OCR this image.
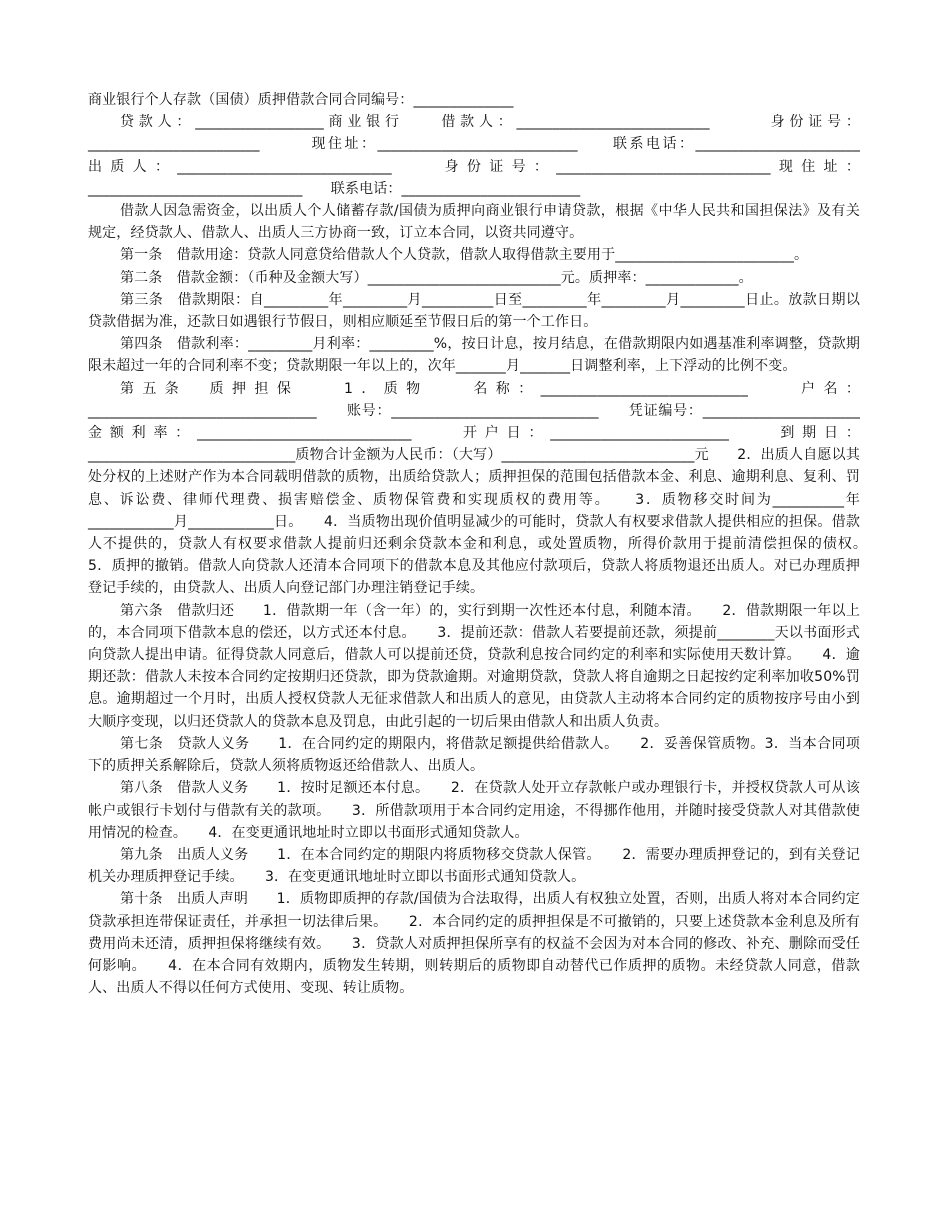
商业银行个人存款（国债）质押借款合同合同编号：______________

贷款人：__________________商业银行　　借款人：___________________________　　　身份证号：________________________　　　现住址：____________________________　　联系电话：_______________________　　出质人：______________________________　　身份证号：______________________________现住址：______________________________　　联系电话：_________________________

借款人因急需资金，以出质人个人储蓄存款/国债为质押向商业银行申请贷款，根据《中华人民共和国担保法》及有关规定，经贷款人、借款人、出质人三方协商一致，订立本合同，以资共同遵守。

第一条　借款用途：贷款人同意贷给借款人个人贷款，借款人取得借款主要用于_________________________。

第二条　借款金额：（币种及金额大写）___________________________元。质押率：_____________。

第三条　借款期限：自_________年_________月__________日至_________年_________月_________日止。放款日期以贷款借据为准，还款日如遇银行节假日，则相应顺延至节假日后的第一个工作日。

第四条　借款利率：_________月利率：_________%，按日计息，按月结息，在借款期限内如遇基准利率调整，贷款期限未超过一年的合同利率不变；贷款期限一年以上的，次年_______月_______日调整利率，上下浮动的比例不变。

第五条　质押担保　　1．质物　　名称：_____________________________　　户名：________________________________　　账号：_____________________________　　凭证编号：______________________　　金额利率：______________________________　　开户日：_________________________　　到期日：_____________________________质物合计金额为人民币：（大写）___________________________元　　2．出质人自愿以其处分权的上述财产作为本合同载明借款的质物，出质给贷款人；质押担保的范围包括借款本金、利息、逾期利息、复利、罚息、诉讼费、律师代理费、损害赔偿金、质物保管费和实现质权的费用等。　　3．质物移交时间为__________年____________月____________日。　　4．当质物出现价值明显减少的可能时，贷款人有权要求借款人提供相应的担保。借款人不提供的，贷款人有权要求借款人提前归还剩余贷款本金和利息，或处置质物，所得价款用于提前清偿担保的债权。　　5．质押的撤销。借款人向贷款人还清本合同项下的借款本息及其他应付款项后，贷款人将质物退还出质人。对已办理质押登记手续的，由贷款人、出质人向登记部门办理注销登记手续。

第六条　借款归还　　1．借款期一年（含一年）的，实行到期一次性还本付息，利随本清。　　2．借款期限一年以上的，本合同项下借款本息的偿还，以方式还本付息。　　3．提前还款：借款人若要提前还款，须提前________天以书面形式向贷款人提出申请。征得贷款人同意后，借款人可以提前还贷，贷款利息按合同约定的利率和实际使用天数计算。　　4．逾期还款：借款人未按本合同约定按期归还贷款，即为贷款逾期。对逾期贷款，贷款人将自逾期之日起按约定利率加收50%罚息。逾期超过一个月时，出质人授权贷款人无征求借款人和出质人的意见，由贷款人主动将本合同约定的质物按序号由小到大顺序变现，以归还贷款人的贷款本息及罚息，由此引起的一切后果由借款人和出质人负责。

第七条　贷款人义务　　1．在合同约定的期限内，将借款足额提供给借款人。　　2．妥善保管质物。3．当本合同项下的质押关系解除后，贷款人须将质物返还给借款人、出质人。

第八条　借款人义务　　1．按时足额还本付息。　　2．在贷款人处开立存款帐户或办理银行卡，并授权贷款人可从该帐户或银行卡划付与借款有关的款项。　　3．所借款项用于本合同约定用途，不得挪作他用，并随时接受贷款人对其借款使用情况的检查。　　4．在变更通讯地址时立即以书面形式通知贷款人。

第九条　出质人义务　　1．在本合同约定的期限内将质物移交贷款人保管。　　2．需要办理质押登记的，到有关登记机关办理质押登记手续。　　3．在变更通讯地址时立即以书面形式通知贷款人。

第十条　出质人声明　　1．质物即质押的存款/国债为合法取得，出质人有权独立处置，否则，出质人将对本合同约定贷款承担连带保证责任，并承担一切法律后果。　　2．本合同约定的质押担保是不可撤销的，只要上述贷款本金利息及所有费用尚未还清，质押担保将继续有效。　　3．贷款人对质押担保所享有的权益不会因为对本合同的修改、补充、删除而受任何影响。　　4．在本合同有效期内，质物发生转期，则转期后的质物即自动替代已作质押的质物。未经贷款人同意，借款人、出质人不得以任何方式使用、变现、转让质物。
